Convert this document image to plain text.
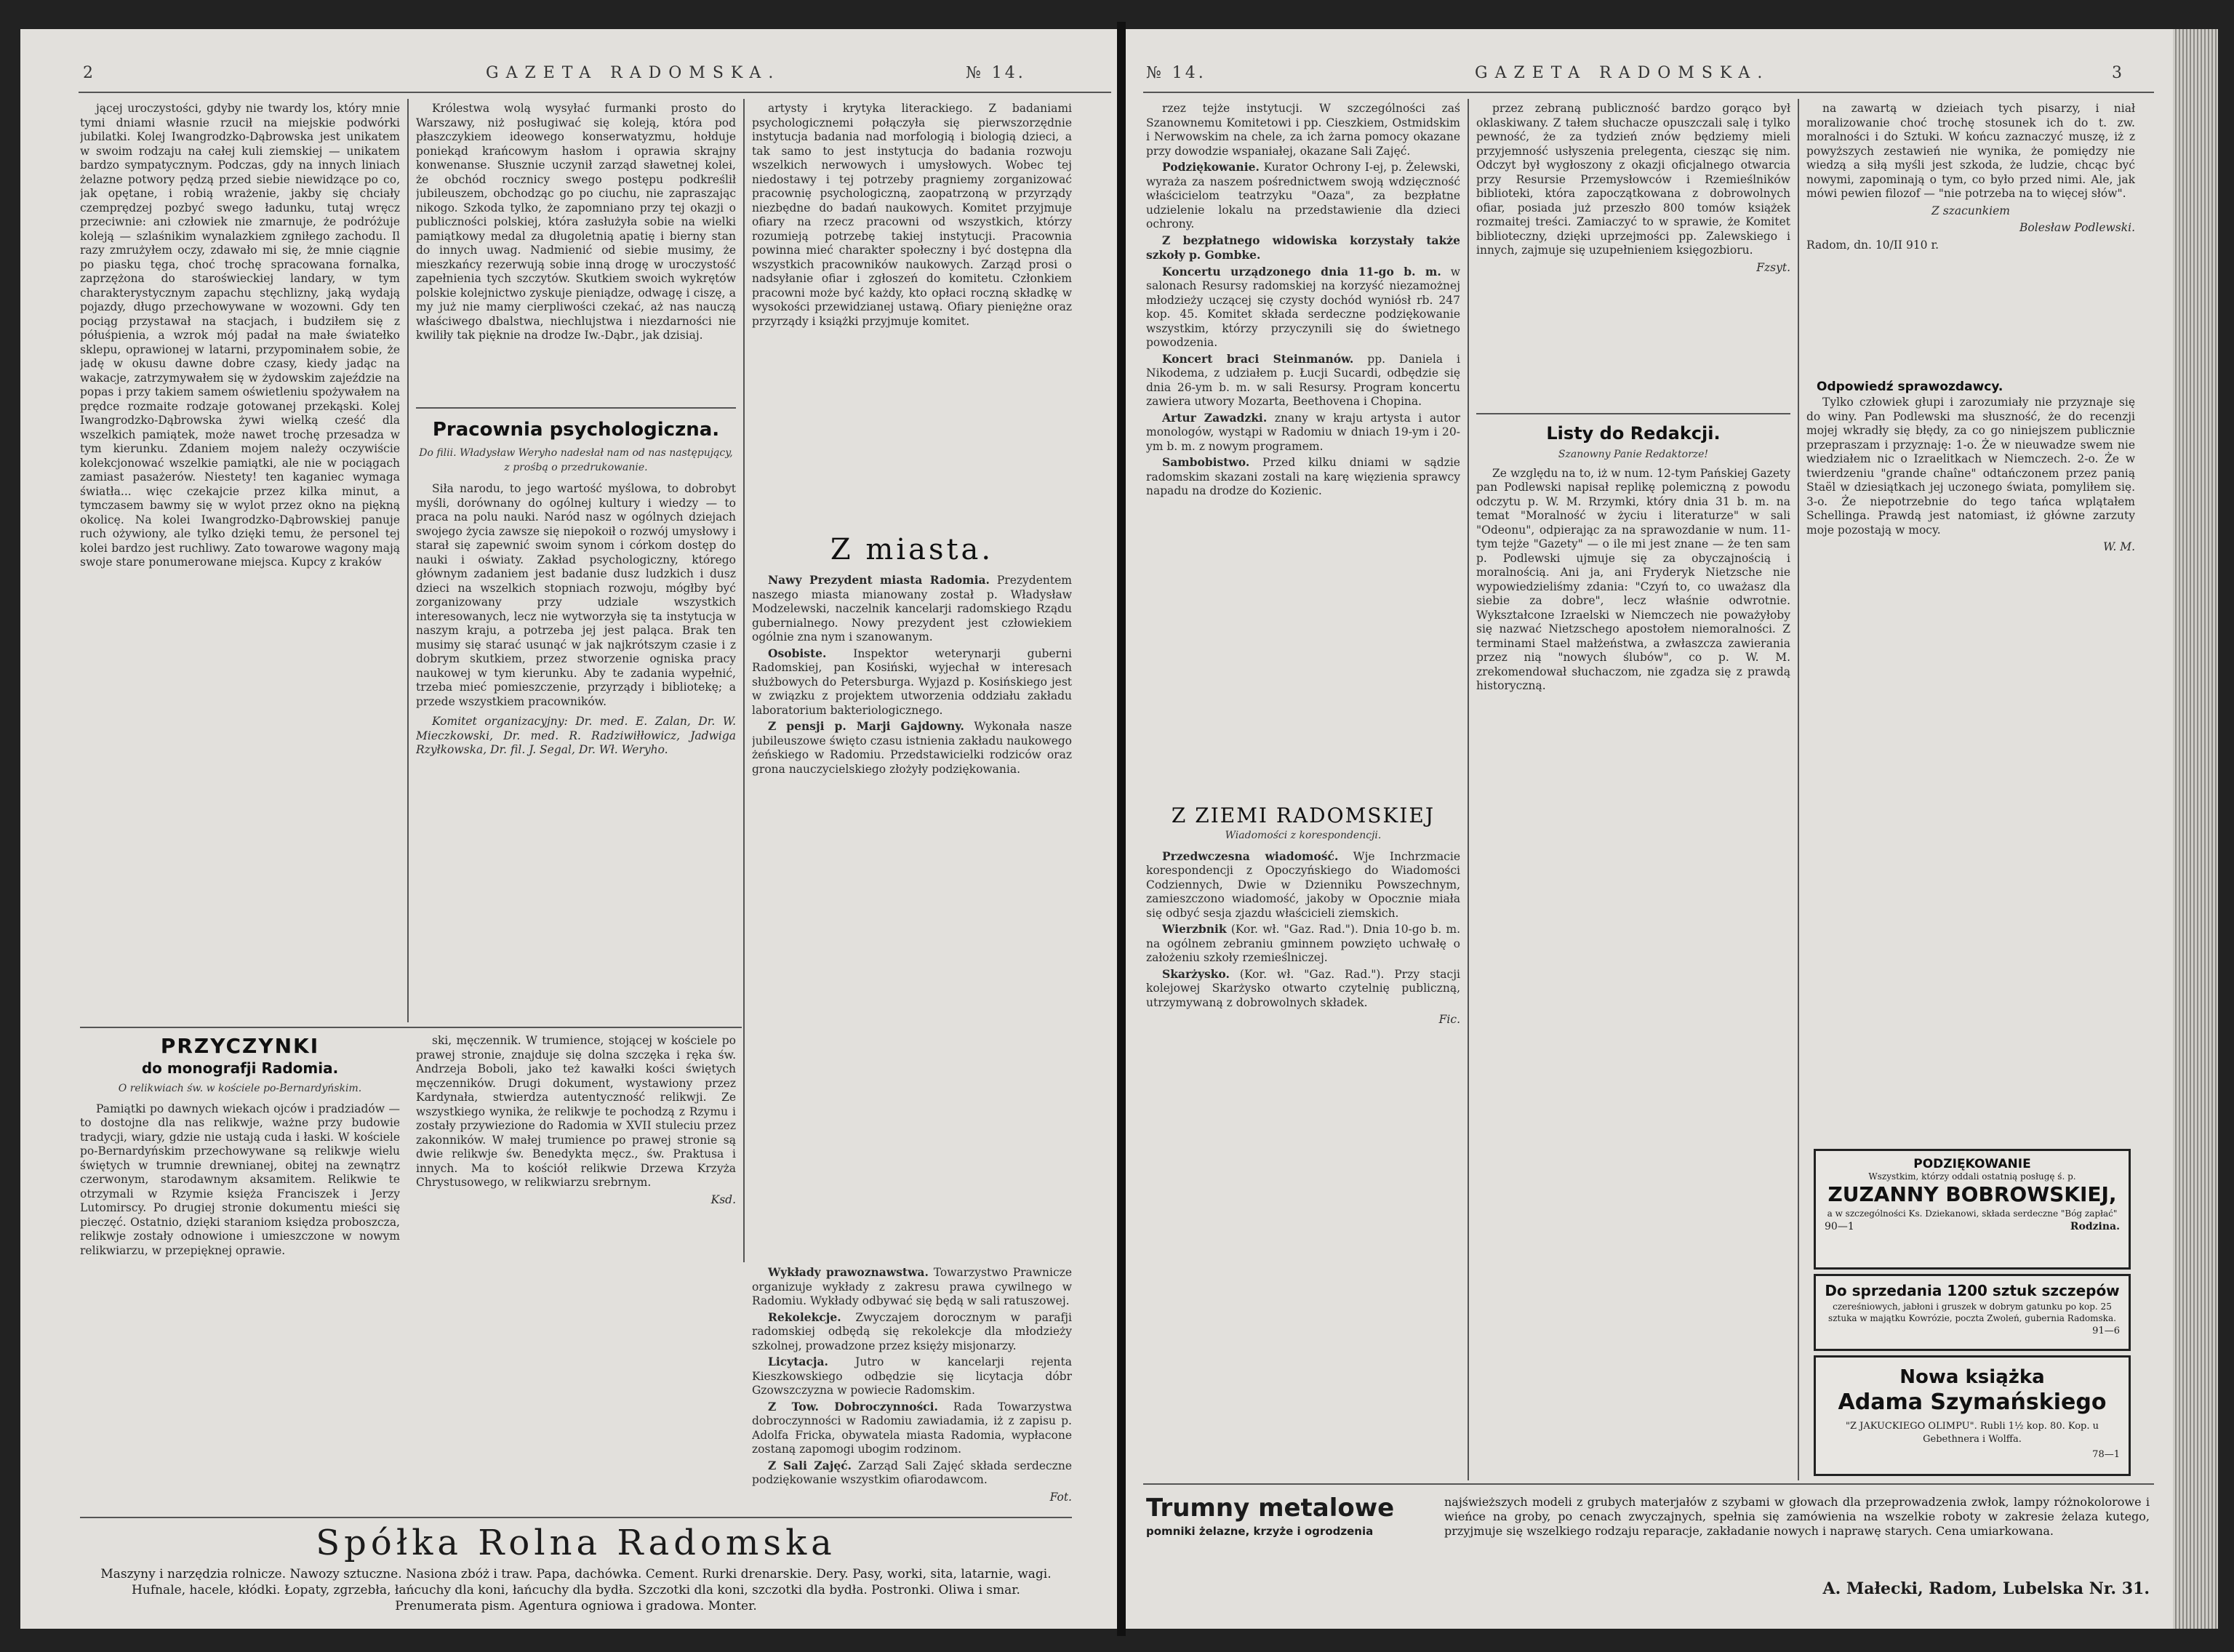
2	GAZETA RADOMSKA.	№ 14.

jącej uroczystości, gdyby nie twardy los, który mnie tymi dniami własnie rzucił na miejskie podwórki jubilatki. Kolej Iwangrodzko-Dąbrowska jest unikatem w swoim rodzaju na całej kuli ziemskiej — unikatem bardzo sympatycznym. Podczas, gdy na innych liniach żelazne potwory pędzą przed siebie niewidzące po co, jak opętane, i robią wrażenie, jakby się chciały czemprędzej pozbyć swego ładunku, tutaj wręcz przeciwnie: ani człowiek nie zmarnuje, że podróżuje koleją — szlaśnikim wynalazkiem zgniłego zachodu. Il razy zmrużyłem oczy, zdawało mi się, że mnie ciągnie po piasku tęga, choć trochę spracowana fornalka, zaprzężona do staroświeckiej landary, w tym charakterystycznym zapachu stęchlizny, jaką wydają pojazdy, długo przechowywane w wozowni. Gdy ten pociąg przystawał na stacjach, i budziłem się z półuśpienia, a wzrok mój padał na małe światełko sklepu, oprawionej w latarni, przypominałem sobie, że jadę w okusu dawne dobre czasy, kiedy jadąc na wakacje, zatrzymywałem się w żydowskim zajeździe na popas i przy takiem samem oświetleniu spożywałem na prędce rozmaite rodzaje gotowanej przekąski. Kolej Iwangrodzko-Dąbrowska żywi wielką cześć dla wszelkich pamiątek, może nawet trochę przesadza w tym kierunku. Zdaniem mojem należy oczywiście kolekcjonować wszelkie pamiątki, ale nie w pociągach zamiast pasażerów. Niestety! ten kaganiec wymaga światła... więc czekajcie przez kilka minut, a tymczasem bawmy się w wylot przez okno na piękną okolicę. Na kolei Iwangrodzko-Dąbrowskiej panuje ruch ożywiony, ale tylko dzięki temu, że personel tej kolei bardzo jest ruchliwy. Zato towarowe wagony mają swoje stare ponumerowane miejsca. Kupcy z kraków

Królestwa wolą wysyłać furmanki prosto do Warszawy, niż posługiwać się koleją, która pod płaszczykiem ideowego konserwatyzmu, hołduje poniekąd krańcowym hasłom i oprawia skrajny konwenanse. Słusznie uczynił zarząd sławetnej kolei, że obchód rocznicy swego postępu podkreślił jubileuszem, obchodząc go po ciuchu, nie zapraszając nikogo. Szkoda tylko, że zapomniano przy tej okazji o publiczności polskiej, która zasłużyła sobie na wielki pamiątkowy medal za długoletnią apatię i bierny stan do innych uwag. Nadmienić od siebie musimy, że mieszkańcy rezerwują sobie inną drogę w uroczystość zapełnienia tych szczytów. Skutkiem swoich wykrętów polskie kolejnictwo zyskuje pieniądze, odwagę i ciszę, a my już nie mamy cierpliwości czekać, aż nas nauczą właściwego dbalstwa, niechlujstwa i niezdarności nie kwiliły tak pięknie na drodze Iw.-Dąbr., jak dzisiaj.

Pracownia psychologiczna.
Do filii. Władysław Weryho nadesłał nam od nas następujący, z prośbą o przedrukowanie.

Siła narodu, to jego wartość myślowa, to dobrobyt myśli, dorównany do ogólnej kultury i wiedzy — to praca na polu nauki. Naród nasz w ogólnych dziejach swojego życia zawsze się niepokoił o rozwój umysłowy i starał się zapewnić swoim synom i córkom dostęp do nauki i oświaty. Zakład psychologiczny, którego głównym zadaniem jest badanie dusz ludzkich i dusz dzieci na wszelkich stopniach rozwoju, mógłby być zorganizowany przy udziale wszystkich interesowanych, lecz nie wytworzyła się ta instytucja w naszym kraju, a potrzeba jej jest paląca. Brak ten musimy się starać usunąć w jak najkrótszym czasie i z dobrym skutkiem, przez stworzenie ogniska pracy naukowej w tym kierunku. Aby te zadania wypełnić, trzeba mieć pomieszczenie, przyrządy i bibliotekę; a przede wszystkiem pracowników.

Komitet organizacyjny: Dr. med. E. Zalan, Dr. W. Mieczkowski, Dr. med. R. Radziwiłłowicz, Jadwiga Rzyłkowska, Dr. fil. J. Segal, Dr. Wł. Weryho.

artysty i krytyka literackiego. Z badaniami psychologicznemi połączyła się pierwszorzędnie instytucja badania nad morfologią i biologią dzieci, a tak samo to jest instytucja do badania rozwoju wszelkich nerwowych i umysłowych. Wobec tej niedostawy i tej potrzeby pragniemy zorganizować pracownię psychologiczną, zaopatrzoną w przyrządy niezbędne do badań naukowych. Komitet przyjmuje ofiary na rzecz pracowni od wszystkich, którzy rozumieją potrzebę takiej instytucji. Pracownia powinna mieć charakter społeczny i być dostępna dla wszystkich pracowników naukowych. Zarząd prosi o nadsyłanie ofiar i zgłoszeń do komitetu. Członkiem pracowni może być każdy, kto opłaci roczną składkę w wysokości przewidzianej ustawą. Ofiary pieniężne oraz przyrządy i książki przyjmuje komitet.

Z miasta.

Nawy Prezydent miasta Radomia. Prezydentem naszego miasta mianowany został p. Władysław Modzelewski, naczelnik kancelarji radomskiego Rządu gubernialnego. Nowy prezydent jest człowiekiem ogólnie zna nym i szanowanym.

Osobiste. Inspektor weterynarji guberni Radomskiej, pan Kosiński, wyjechał w interesach służbowych do Petersburga. Wyjazd p. Kosińskiego jest w związku z projektem utworzenia oddziału zakładu laboratorium bakteriologicznego.

Z pensji p. Marji Gajdowny. Wykonała nasze jubileuszowe święto czasu istnienia zakładu naukowego żeńskiego w Radomiu. Przedstawicielki rodziców oraz grona nauczycielskiego złożyły podziękowania.

PRZYCZYNKI
do monografji Radomia.
O relikwiach św. w kościele po-Bernardyńskim.

Pamiątki po dawnych wiekach ojców i pradziadów — to dostojne dla nas relikwje, ważne przy budowie tradycji, wiary, gdzie nie ustają cuda i łaski. W kościele po-Bernardyńskim przechowywane są relikwje wielu świętych w trumnie drewnianej, obitej na zewnątrz czerwonym, starodawnym aksamitem. Relikwie te otrzymali w Rzymie księża Franciszek i Jerzy Lutomirscy. Po drugiej stronie dokumentu mieści się pieczęć. Ostatnio, dzięki staraniom księdza proboszcza, relikwje zostały odnowione i umieszczone w nowym relikwiarzu, w przepięknej oprawie.

ski, męczennik. W trumience, stojącej w kościele po prawej stronie, znajduje się dolna szczęka i ręka św. Andrzeja Boboli, jako też kawałki kości świętych męczenników. Drugi dokument, wystawiony przez Kardynała, stwierdza autentyczność relikwji. Ze wszystkiego wynika, że relikwje te pochodzą z Rzymu i zostały przywiezione do Radomia w XVII stuleciu przez zakonników. W małej trumience po prawej stronie są dwie relikwje św. Benedykta męcz., św. Praktusa i innych. Ma to kościół relikwie Drzewa Krzyża Chrystusowego, w relikwiarzu srebrnym.

Ksd.

Wykłady prawoznawstwa. Towarzystwo Prawnicze organizuje wykłady z zakresu prawa cywilnego w Radomiu. Wykłady odbywać się będą w sali ratuszowej.

Rekolekcje. Zwyczajem dorocznym w parafji radomskiej odbędą się rekolekcje dla młodzieży szkolnej, prowadzone przez księży misjonarzy.

Licytacja. Jutro w kancelarji rejenta Kieszkowskiego odbędzie się licytacja dóbr Gzowszczyzna w powiecie Radomskim.

Z Tow. Dobroczynności. Rada Towarzystwa dobroczynności w Radomiu zawiadamia, iż z zapisu p. Adolfa Fricka, obywatela miasta Radomia, wypłacone zostaną zapomogi ubogim rodzinom.

Z Sali Zajęć. Zarząd Sali Zajęć składa serdeczne podziękowanie wszystkim ofiarodawcom.

Fot.
Spółka Rolna Radomska
Maszyny i narzędzia rolnicze. Nawozy sztuczne. Nasiona zbóż i traw. Papa, dachówka. Cement. Rurki drenarskie. Dery. Pasy, worki, sita, latarnie, wagi. Hufnale, hacele, kłódki. Łopaty, zgrzebła, łańcuchy dla koni, łańcuchy dla bydła. Szczotki dla koni, szczotki dla bydła. Postronki. Oliwa i smar. Prenumerata pism. Agentura ogniowa i gradowa. Monter.
№ 14.	GAZETA RADOMSKA.	3

rzez tejże instytucji. W szczególności zaś Szanownemu Komitetowi i pp. Cieszkiem, Ostmidskim i Nerwowskim na chele, za ich żarna pomocy okazane przy dowodzie wspaniałej, okazane Sali Zajęć.

Podziękowanie. Kurator Ochrony I-ej, p. Żelewski, wyraża za naszem pośrednictwem swoją wdzięczność właścicielom teatrzyku "Oaza", za bezpłatne udzielenie lokalu na przedstawienie dla dzieci ochrony.

Z bezpłatnego widowiska korzystały także szkoły p. Gombke.

Koncertu urządzonego dnia 11-go b. m. w salonach Resursy radomskiej na korzyść niezamożnej młodzieży uczącej się czysty dochód wyniósł rb. 247 kop. 45. Komitet składa serdeczne podziękowanie wszystkim, którzy przyczynili się do świetnego powodzenia.

Koncert braci Steinmanów. pp. Daniela i Nikodema, z udziałem p. Łucji Sucardi, odbędzie się dnia 26-ym b. m. w sali Resursy. Program koncertu zawiera utwory Mozarta, Beethovena i Chopina.

Artur Zawadzki. znany w kraju artysta i autor monologów, wystąpi w Radomiu w dniach 19-ym i 20-ym b. m. z nowym programem.

Sambobistwo. Przed kilku dniami w sądzie radomskim skazani zostali na karę więzienia sprawcy napadu na drodze do Kozienic.

Z ZIEMI RADOMSKIEJ
Wiadomości z korespondencji.

Przedwczesna wiadomość. Wje Inchrzmacie korespondencji z Opoczyńskiego do Wiadomości Codziennych, Dwie w Dzienniku Powszechnym, zamieszczono wiadomość, jakoby w Opocznie miała się odbyć sesja zjazdu właścicieli ziemskich.

Wierzbnik (Kor. wł. "Gaz. Rad."). Dnia 10-go b. m. na ogólnem zebraniu gminnem powzięto uchwałę o założeniu szkoły rzemieślniczej.

Skarżysko. (Kor. wł. "Gaz. Rad."). Przy stacji kolejowej Skarżysko otwarto czytelnię publiczną, utrzymywaną z dobrowolnych składek.

Fic.

przez zebraną publiczność bardzo gorąco był oklaskiwany. Z tałem słuchacze opuszczali salę i tylko pewność, że za tydzień znów będziemy mieli przyjemność usłyszenia prelegenta, ciesząc się nim. Odczyt był wygłoszony z okazji oficjalnego otwarcia przy Resursie Przemysłowców i Rzemieślników biblioteki, która zapoczątkowana z dobrowolnych ofiar, posiada już przeszło 800 tomów książek rozmaitej treści. Zamiaczyć to w sprawie, że Komitet biblioteczny, dzięki uprzejmości pp. Zalewskiego i innych, zajmuje się uzupełnieniem księgozbioru.

Fzsyt.
Listy do Redakcji.
Szanowny Panie Redaktorze!

Ze względu na to, iż w num. 12-tym Pańskiej Gazety pan Podlewski napisał replikę polemiczną z powodu odczytu p. W. M. Rrzymki, który dnia 31 b. m. na temat "Moralność w życiu i literaturze" w sali "Odeonu", odpierając za na sprawozdanie w num. 11-tym tejże "Gazety" — o ile mi jest znane — że ten sam p. Podlewski ujmuje się za obyczajnością i moralnością. Ani ja, ani Fryderyk Nietzsche nie wypowiedzieliśmy zdania: "Czyń to, co uważasz dla siebie za dobre", lecz właśnie odwrotnie. Wykształcone Izraelski w Niemczech nie poważyłoby się nazwać Nietzschego apostołem niemoralności. Z terminami Stael małżeństwa, a zwłaszcza zawierania przez nią "nowych ślubów", co p. W. M. zrekomendował słuchaczom, nie zgadza się z prawdą historyczną.

na zawartą w dzieiach tych pisarzy, i niał moralizowanie choć trochę stosunek ich do t. zw. moralności i do Sztuki. W końcu zaznaczyć muszę, iż z powyższych zestawień nie wynika, że pomiędzy nie wiedzą a siłą myśli jest szkoda, że ludzie, chcąc być nowymi, zapominają o tym, co było przed nimi. Ale, jak mówi pewien filozof — "nie potrzeba na to więcej słów".

Z szacunkiem
Bolesław Podlewski.
Radom, dn. 10/II 910 r.
Odpowiedź sprawozdawcy.

Tylko człowiek głupi i zarozumiały nie przyznaje się do winy. Pan Podlewski ma słuszność, że do recenzji mojej wkradły się błędy, za co go niniejszem publicznie przepraszam i przyznaję: 1-o. Że w nieuwadze swem nie wiedziałem nic o Izraelitkach w Niemczech. 2-o. Że w twierdzeniu "grande chaîne" odtańczonem przez panią Staël w dziesiątkach jej uczonego świata, pomyliłem się. 3-o. Że niepotrzebnie do tego tańca wplątałem Schellinga. Prawdą jest natomiast, iż główne zarzuty moje pozostają w mocy.

W. M.
PODZIĘKOWANIE
Wszystkim, którzy oddali ostatnią posługę ś. p.
ZUZANNY BOBROWSKIEJ,
a w szczególności Ks. Dziekanowi, składa serdeczne "Bóg zapłać"
90—1	Rodzina.
Do sprzedania 1200 sztuk szczepów
czereśniowych, jabłoni i gruszek w dobrym gatunku po kop. 25 sztuka w majątku Kowrózie, poczta Zwoleń, gubernia Radomska.
91—6
Nowa książka
Adama Szymańskiego
"Z JAKUCKIEGO OLIMPU". Rubli 1½ kop. 80. Kop. u Gebethnera i Wolffa.
78—1
Trumny metalowe
pomniki żelazne, krzyże i ogrodzenia
najświeższych modeli z grubych materjałów z szybami w głowach dla przeprowadzenia zwłok, lampy różnokolorowe i wieńce na groby, po cenach zwyczajnych, spełnia się zamówienia na wszelkie roboty w zakresie żelaza kutego, przyjmuje się wszelkiego rodzaju reparacje, zakładanie nowych i naprawę starych. Cena umiarkowana.
A. Małecki, Radom, Lubelska Nr. 31.
